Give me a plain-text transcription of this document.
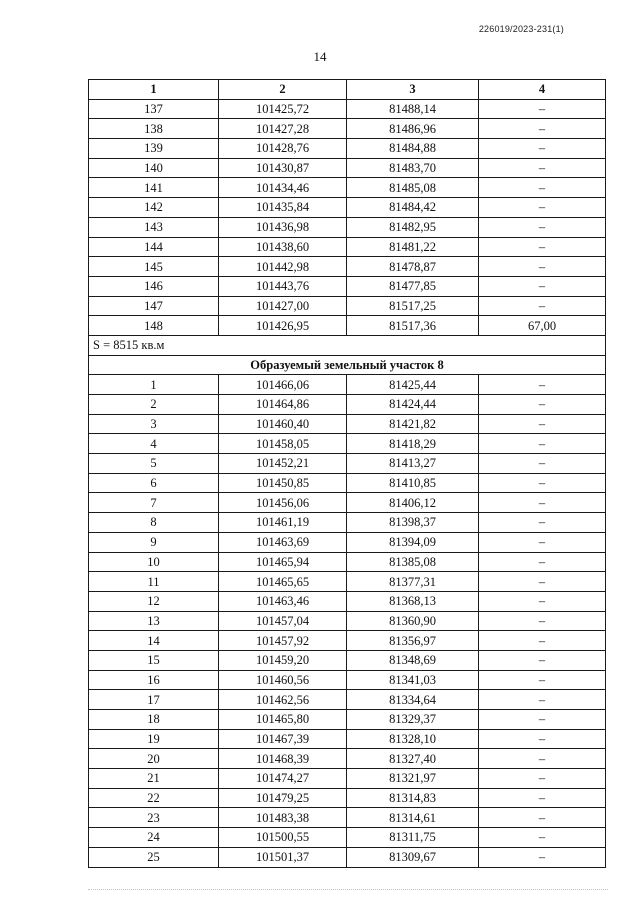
226019/2023-231(1)
14
1	2	3	4
137	101425,72	81488,14	–
138	101427,28	81486,96	–
139	101428,76	81484,88	–
140	101430,87	81483,70	–
141	101434,46	81485,08	–
142	101435,84	81484,42	–
143	101436,98	81482,95	–
144	101438,60	81481,22	–
145	101442,98	81478,87	–
146	101443,76	81477,85	–
147	101427,00	81517,25	–
148	101426,95	81517,36	67,00
S = 8515 кв.м			
Образуемый земельный участок 8			
1	101466,06	81425,44	–
2	101464,86	81424,44	–
3	101460,40	81421,82	–
4	101458,05	81418,29	–
5	101452,21	81413,27	–
6	101450,85	81410,85	–
7	101456,06	81406,12	–
8	101461,19	81398,37	–
9	101463,69	81394,09	–
10	101465,94	81385,08	–
11	101465,65	81377,31	–
12	101463,46	81368,13	–
13	101457,04	81360,90	–
14	101457,92	81356,97	–
15	101459,20	81348,69	–
16	101460,56	81341,03	–
17	101462,56	81334,64	–
18	101465,80	81329,37	–
19	101467,39	81328,10	–
20	101468,39	81327,40	–
21	101474,27	81321,97	–
22	101479,25	81314,83	–
23	101483,38	81314,61	–
24	101500,55	81311,75	–
25	101501,37	81309,67	–
